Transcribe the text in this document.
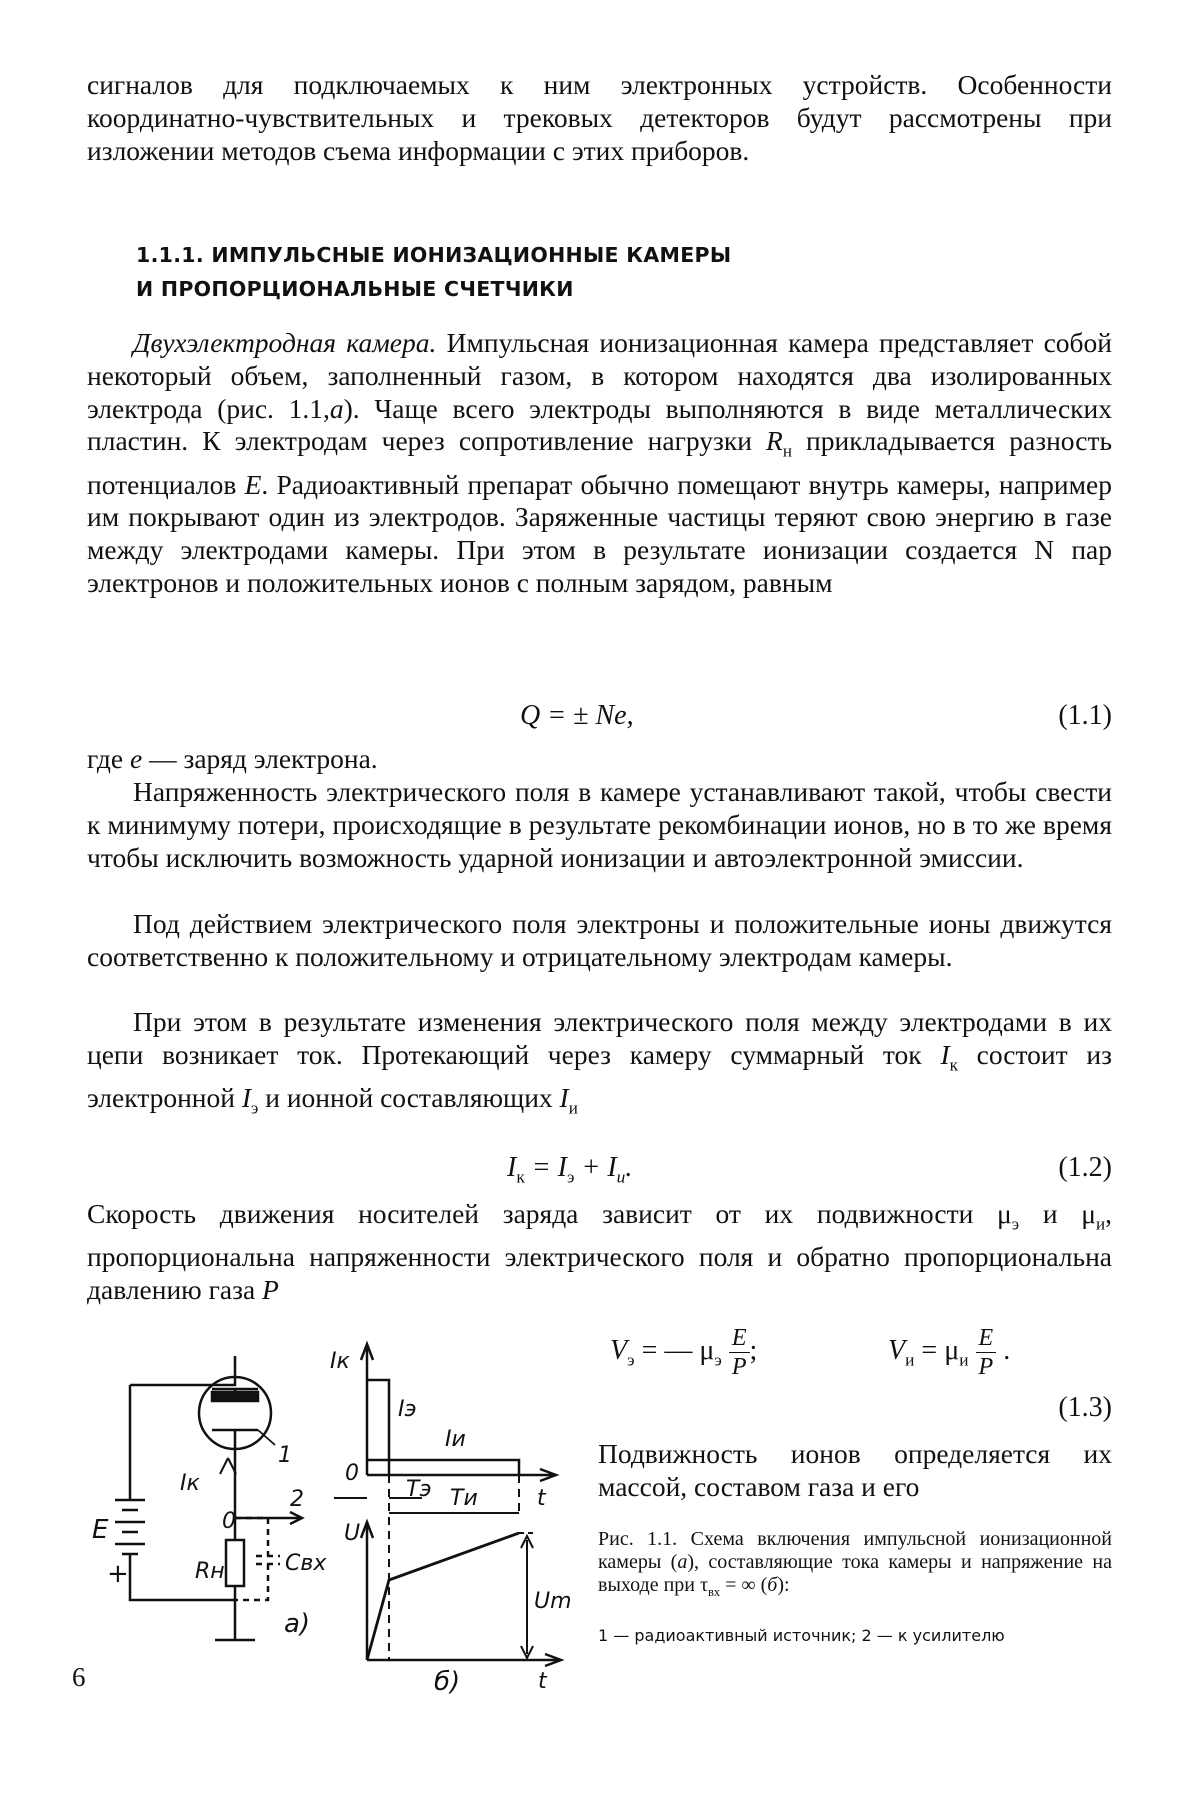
сигналов для подключаемых к ним электронных устройств. Особенности координатно-чувствительных и трековых детекторов будут рассмотрены при изложении методов съема информации с этих приборов.

1.1.1. ИМПУЛЬСНЫЕ ИОНИЗАЦИОННЫЕ КАМЕРЫ

И ПРОПОРЦИОНАЛЬНЫЕ СЧЕТЧИКИ

Двухэлектродная камера. Импульсная ионизационная камера представляет собой некоторый объем, заполненный газом, в котором находятся два изолированных электрода (рис. 1.1,а). Чаще всего электроды выполняются в виде металлических пластин. К электродам через сопротивление нагрузки $R_н$ прикладывается разность потенциалов E. Радиоактивный препарат обычно помещают внутрь камеры, например им покрывают один из электродов. Заряженные частицы теряют свою энергию в газе между электродами камеры. При этом в результате ионизации создается N пар электронов и положительных ионов с полным зарядом, равным

Q = ± Ne,	(1.1)

где e — заряд электрона.

Напряженность электрического поля в камере устанавливают такой, чтобы свести к минимуму потери, происходящие в результате рекомбинации ионов, но в то же время чтобы исключить возможность ударной ионизации и автоэлектронной эмиссии.

Под действием электрического поля электроны и положительные ионы движутся соответственно к положительному и отрицательному электродам камеры.

При этом в результате изменения электрического поля между электродами в их цепи возникает ток. Протекающий через камеру суммарный ток $I_к$ состоит из электронной $I_э$ и ионной составляющих $I_и$

$I_к = I_э + I_и$.	(1.2)

Скорость движения носителей заряда зависит от их подвижности $\mu_э$ и $\mu_и$, пропорциональна напряженности электрического поля и обратно пропорциональна давлению газа P

$V_э$ = — $\mu_э \frac{E}{P}$ ;	$V_и = \mu_и \frac{E}{P}$ .
(1.3)

Подвижность ионов определяется их массой, составом газа и его

Рис. 1.1. Схема включения импульсной ионизационной камеры (а), составляющие тока камеры и напряжение на выходе при $\tau_{вх}$ = ∞ (б):

1 — радиоактивный источник; 2 — к усилителю

Iк
0
E
+	Rн	Cвх
1
2
a)
Iк
Iэ
Iи
0
t
Tэ Tи
U
Um
t
б)
6
